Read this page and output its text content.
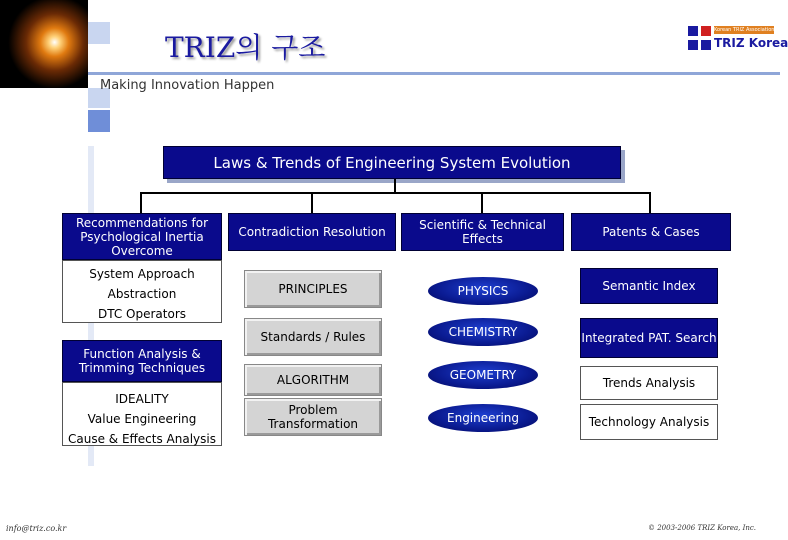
TRIZ의 구조
Making Innovation Happen
Korean TRIZ Association
TRIZ Korea
Laws & Trends of Engineering System Evolution
Recommendations for Psychological Inertia Overcome
System Approach
Abstraction
DTC Operators
Function Analysis & Trimming Techniques
IDEALITY
Value Engineering
Cause & Effects Analysis
Contradiction Resolution
PRINCIPLES
Standards / Rules
ALGORITHM
Problem Transformation
Scientific & Technical Effects
PHYSICS
CHEMISTRY
GEOMETRY
Engineering
Patents & Cases
Semantic Index
Integrated PAT. Search
Trends Analysis
Technology Analysis
info@triz.co.kr	© 2003-2006 TRIZ Korea, Inc.
